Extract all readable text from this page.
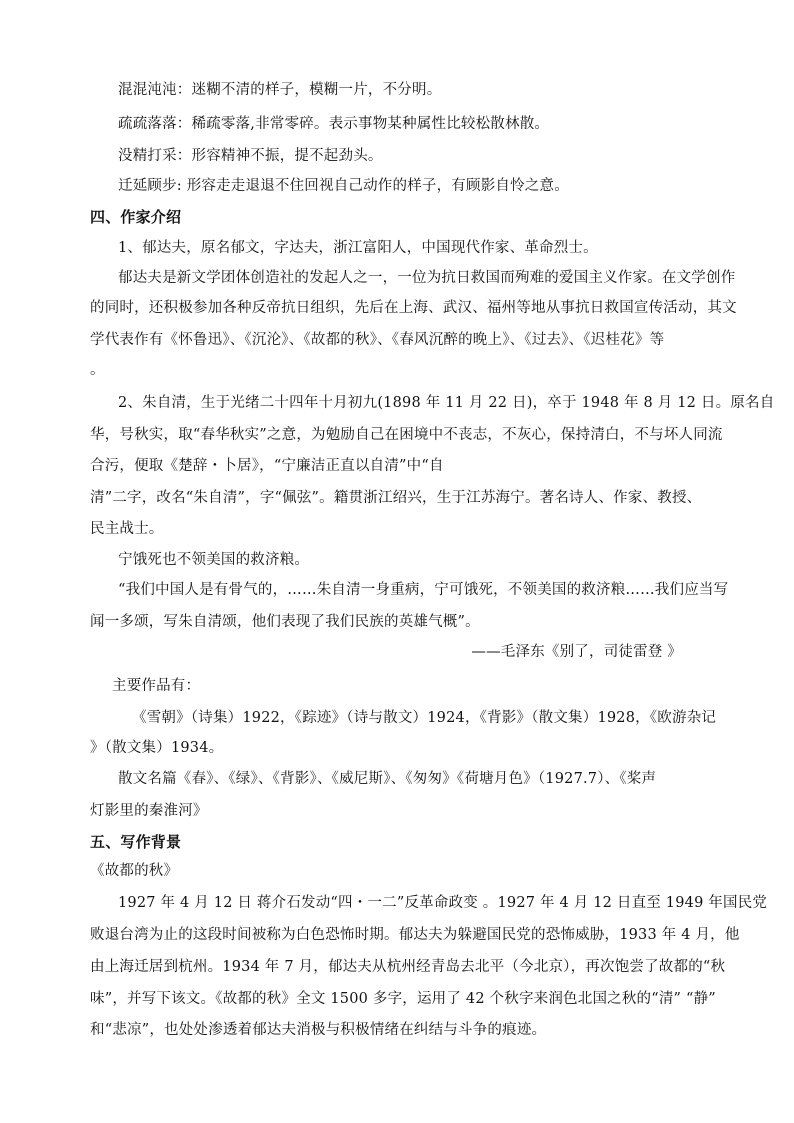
混混沌沌：迷糊不清的样子，模糊一片，不分明。
疏疏落落：稀疏零落,非常零碎。表示事物某种属性比较松散林散。
没精打采：形容精神不振，提不起劲头。
迁延顾步: 形容走走退退不住回视自己动作的样子，有顾影自怜之意。
四、作家介绍
1、郁达夫，原名郁文，字达夫，浙江富阳人，中国现代作家、革命烈士。
郁达夫是新文学团体创造社的发起人之一，一位为抗日救国而殉难的爱国主义作家。在文学创作
的同时，还积极参加各种反帝抗日组织，先后在上海、武汉、福州等地从事抗日救国宣传活动，其文
学代表作有《怀鲁迅》、《沉沦》、《故都的秋》、《春风沉醉的晚上》、《过去》、《迟桂花》等
。
2、朱自清，生于光绪二十四年十月初九(1898 年 11 月 22 日)，卒于 1948 年 8 月 12 日。原名自
华，号秋实，取“春华秋实”之意，为勉励自己在困境中不丧志，不灰心，保持清白，不与坏人同流
合污，便取《楚辞・卜居》，“宁廉洁正直以自清”中“自
清”二字，改名“朱自清”，字“佩弦”。籍贯浙江绍兴，生于江苏海宁。著名诗人、作家、教授、
民主战士。
宁饿死也不领美国的救济粮。
“我们中国人是有骨气的，……朱自清一身重病，宁可饿死，不领美国的救济粮……我们应当写
闻一多颂，写朱自清颂，他们表现了我们民族的英雄气概”。
——毛泽东《别了，司徒雷登 》
主要作品有：
《雪朝》（诗集）1922，《踪迹》（诗与散文）1924，《背影》（散文集）1928，《欧游杂记
》（散文集）1934。
散文名篇《春》、《绿》、《背影》、《威尼斯》、《匆匆》《荷塘月色》（1927.7）、《桨声
灯影里的秦淮河》
五、写作背景
《故都的秋》
1927 年 4 月 12 日 蒋介石发动“四・一二”反革命政变 。1927 年 4 月 12 日直至 1949 年国民党
败退台湾为止的这段时间被称为白色恐怖时期。郁达夫为躲避国民党的恐怖威胁，1933 年 4 月，他
由上海迁居到杭州。1934 年 7 月，郁达夫从杭州经青岛去北平（今北京），再次饱尝了故都的“秋
味”，并写下该文。《故都的秋》全文 1500 多字，运用了 42 个秋字来润色北国之秋的“清” “静”
和“悲凉”，也处处渗透着郁达夫消极与积极情绪在纠结与斗争的痕迹。
